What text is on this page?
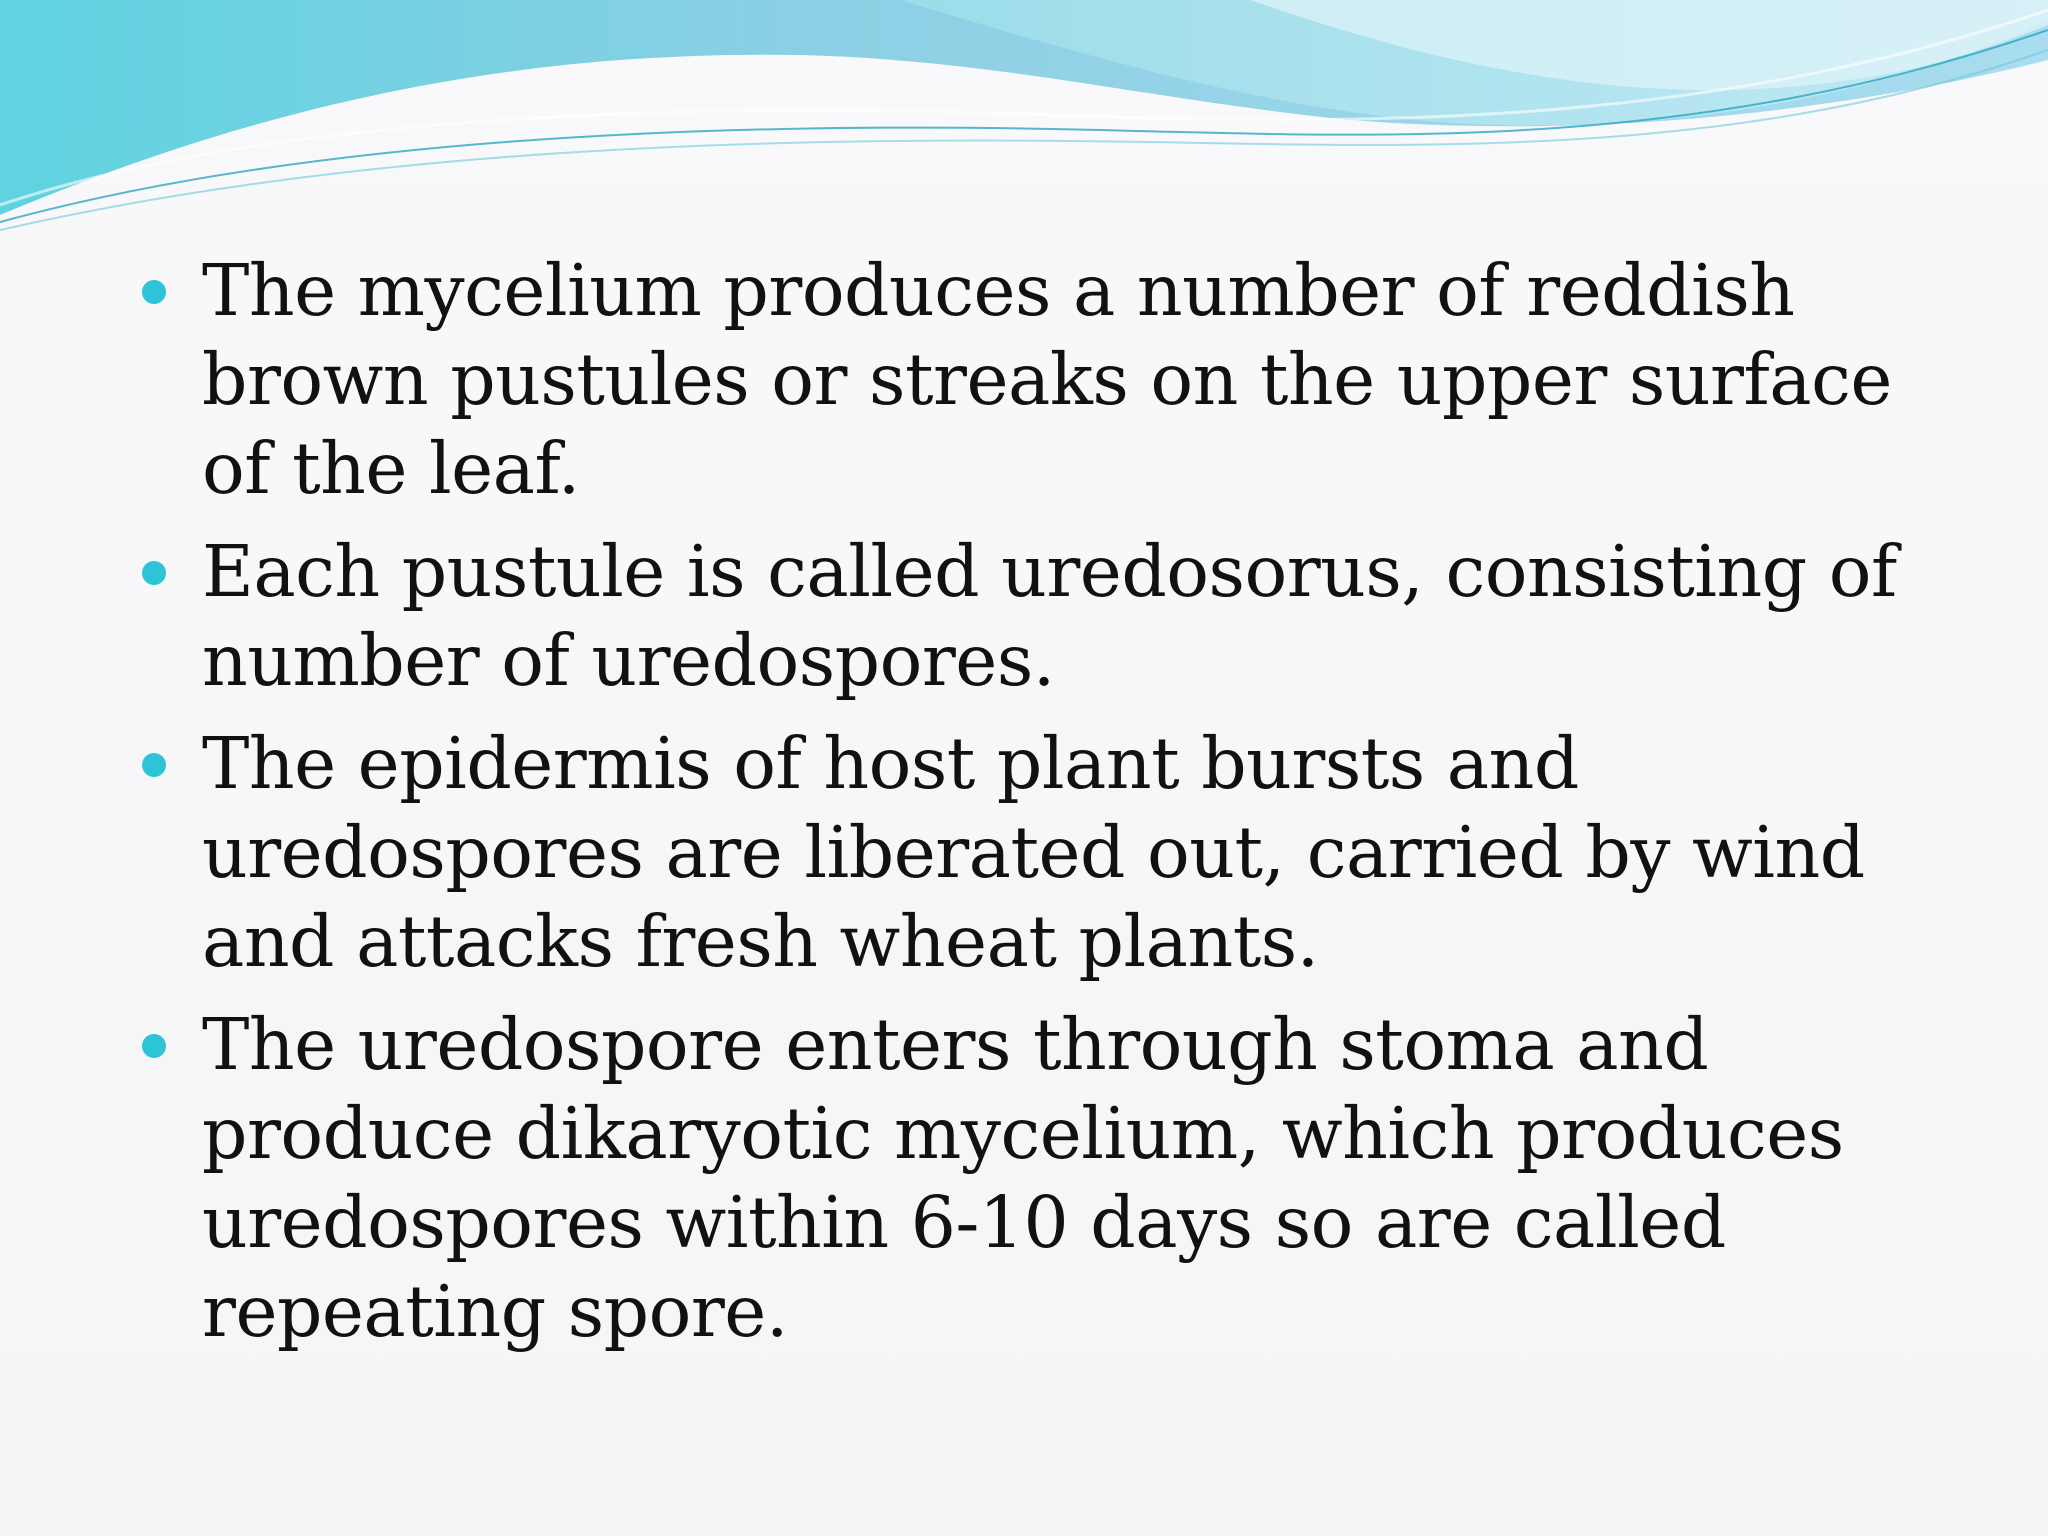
The mycelium produces a number of reddish brown pustules or streaks on the upper surface of the leaf.
Each pustule is called uredosorus, consisting of number of uredospores.
The epidermis of host plant bursts and uredospores are liberated out, carried by wind and attacks fresh wheat plants.
The uredospore enters through stoma and produce dikaryotic mycelium, which produces uredospores within 6-10 days so are called repeating spore.
